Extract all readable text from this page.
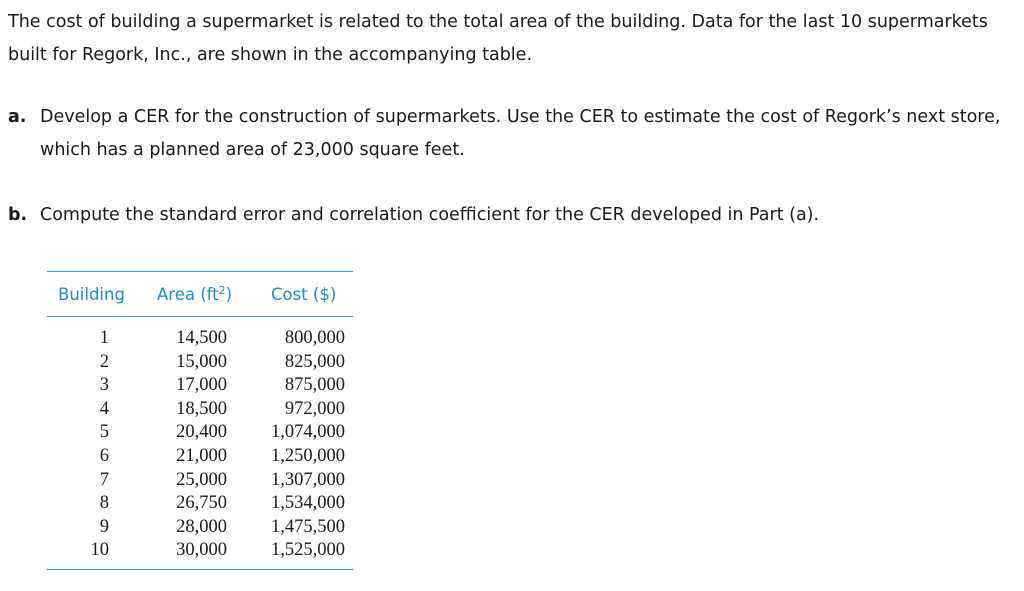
The cost of building a supermarket is related to the total area of the building. Data for the last 10 supermarkets built for Regork, Inc., are shown in the accompanying table.

a. Develop a CER for the construction of supermarkets. Use the CER to estimate the cost of Regork’s next store, which has a planned area of 23,000 square feet.
b. Compute the standard error and correlation coefficient for the CER developed in Part (a).
Building	Area $(ft^2)$	Cost ($)
1	14,500	800,000
2	15,000	825,000
3	17,000	875,000
4	18,500	972,000
5	20,400	1,074,000
6	21,000	1,250,000
7	25,000	1,307,000
8	26,750	1,534,000
9	28,000	1,475,500
10	30,000	1,525,000
